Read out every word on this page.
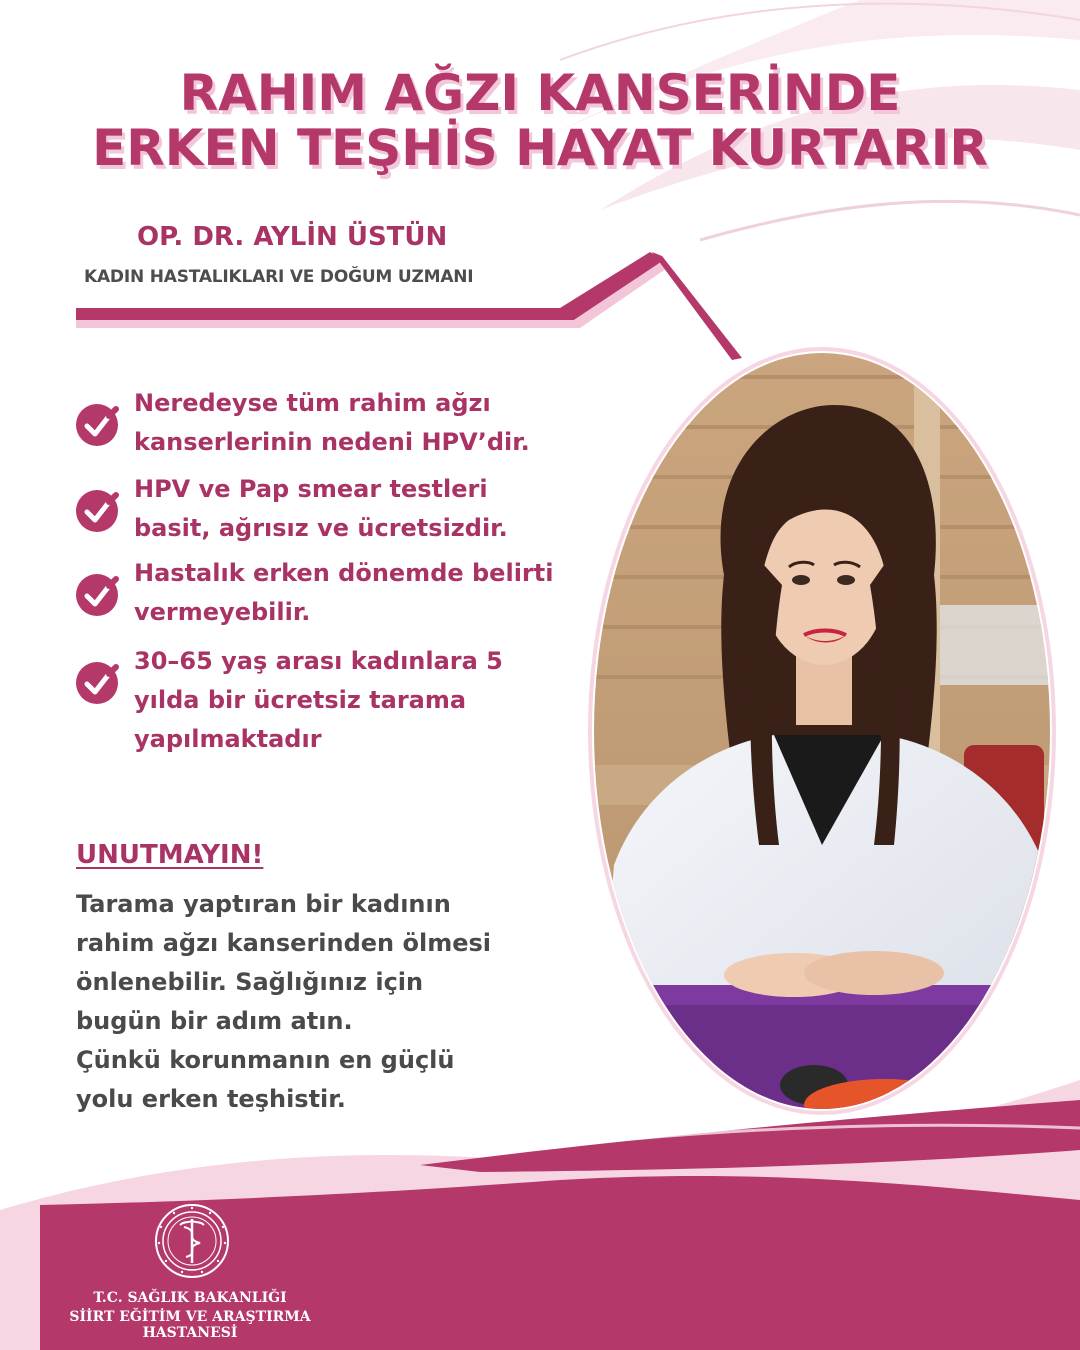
RAHIM AĞZI KANSERİNDE
ERKEN TEŞHİS HAYAT KURTARIR
OP. DR. AYLİN ÜSTÜN
KADIN HASTALIKLARI VE DOĞUM UZMANI
Neredeyse tüm rahim ağzı
kanserlerinin nedeni HPV’dir.
HPV ve Pap smear testleri
basit, ağrısız ve ücretsizdir.
Hastalık erken dönemde belirti
vermeyebilir.
30–65 yaş arası kadınlara 5
yılda bir ücretsiz tarama
yapılmaktadır
UNUTMAYIN!
Tarama yaptıran bir kadının
rahim ağzı kanserinden ölmesi
önlenebilir. Sağlığınız için
bugün bir adım atın.
Çünkü korunmanın en güçlü
yolu erken teşhistir.
T.C. SAĞLIK BAKANLIĞI
SİİRT EĞİTİM VE ARAŞTIRMA HASTANESİ
